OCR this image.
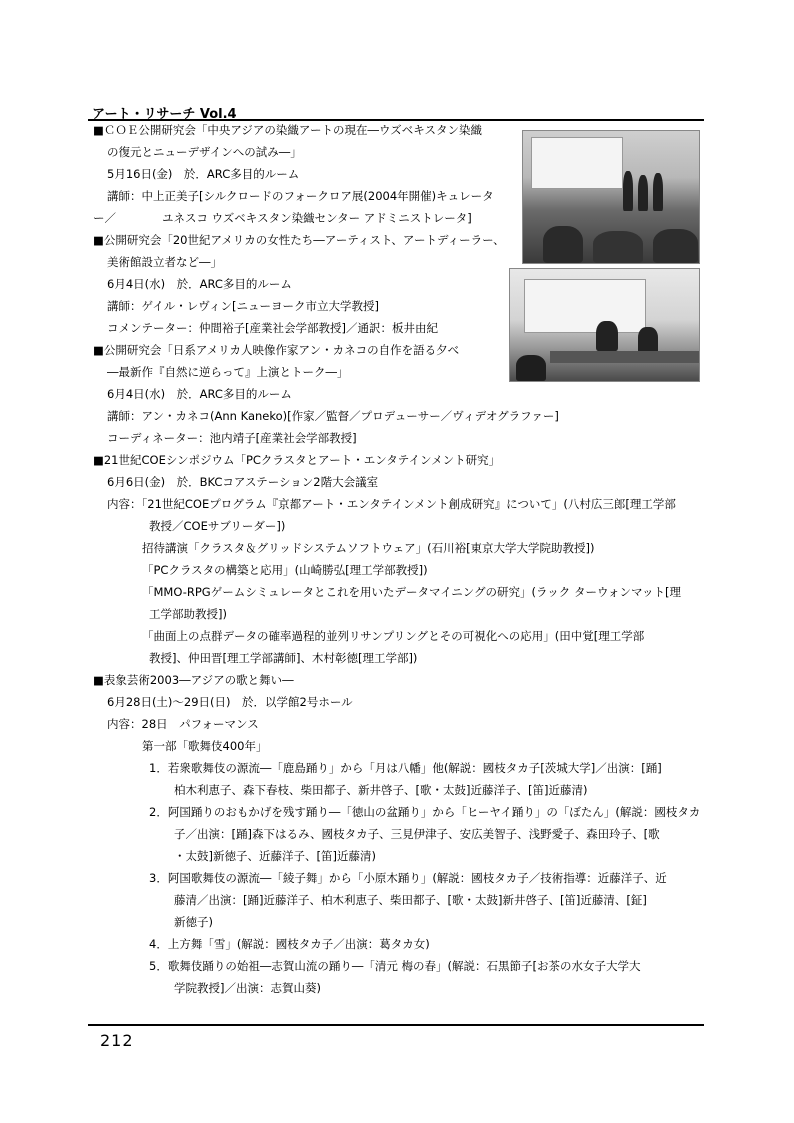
アート・リサーチ Vol.4
■ＣＯＥ公開研究会「中央アジアの染織アートの現在―ウズベキスタン染織
の復元とニューデザインへの試み―」
5月16日(金)　於．ARC多目的ルーム
講師：中上正美子[シルクロードのフォークロア展(2004年開催)キュレータ
ー／　　　　ユネスコ ウズベキスタン染織センター アドミニストレータ]
■公開研究会「20世紀アメリカの女性たち―アーティスト、アートディーラー、
美術館設立者など―」
6月4日(水)　於．ARC多目的ルーム
講師：ゲイル・レヴィン[ニューヨーク市立大学教授]
コメンテーター：仲間裕子[産業社会学部教授]／通訳：板井由紀
■公開研究会「日系アメリカ人映像作家アン・カネコの自作を語る夕べ
―最新作『自然に逆らって』上演とトーク―」
6月4日(水)　於．ARC多目的ルーム
講師：アン・カネコ(Ann Kaneko)[作家／監督／プロデューサー／ヴィデオグラファー]
コーディネーター：池内靖子[産業社会学部教授]
■21世紀COEシンポジウム「PCクラスタとアート・エンタテインメント研究」
6月6日(金)　於．BKCコアステーション2階大会議室
内容：「21世紀COEプログラム『京都アート・エンタテインメント創成研究』について」(八村広三郎[理工学部
教授／COEサブリーダー])
招待講演「クラスタ＆グリッドシステムソフトウェア」(石川裕[東京大学大学院助教授])
「PCクラスタの構築と応用」(山崎勝弘[理工学部教授])
「MMO-RPGゲームシミュレータとこれを用いたデータマイニングの研究」(ラック ターウォンマット[理
工学部助教授])
「曲面上の点群データの確率過程的並列リサンプリングとその可視化への応用」(田中覚[理工学部
教授]、仲田晋[理工学部講師]、木村彰徳[理工学部])
■表象芸術2003―アジアの歌と舞い―
6月28日(土)～29日(日)　於．以学館2号ホール
内容：28日　パフォーマンス
第一部「歌舞伎400年」
1．若衆歌舞伎の源流―「鹿島踊り」から「月は八幡」他(解説：國枝タカ子[茨城大学]／出演：[踊]
柏木利恵子、森下春枝、柴田都子、新井啓子、[歌・太鼓]近藤洋子、[笛]近藤清)
2．阿国踊りのおもかげを残す踊り―「徳山の盆踊り」から「ヒーヤイ踊り」の「ぼたん」(解説：國枝タカ
子／出演：[踊]森下はるみ、國枝タカ子、三見伊津子、安広美智子、浅野愛子、森田玲子、[歌
・太鼓]新徳子、近藤洋子、[笛]近藤清)
3．阿国歌舞伎の源流―「綾子舞」から「小原木踊り」(解説：國枝タカ子／技術指導：近藤洋子、近
藤清／出演：[踊]近藤洋子、柏木利恵子、柴田都子、[歌・太鼓]新井啓子、[笛]近藤清、[鉦]
新徳子)
4．上方舞「雪」(解説：國枝タカ子／出演：葛タカ女)
5．歌舞伎踊りの始祖―志賀山流の踊り―「清元 梅の春」(解説：石黒節子[お茶の水女子大学大
学院教授]／出演：志賀山葵)
212
